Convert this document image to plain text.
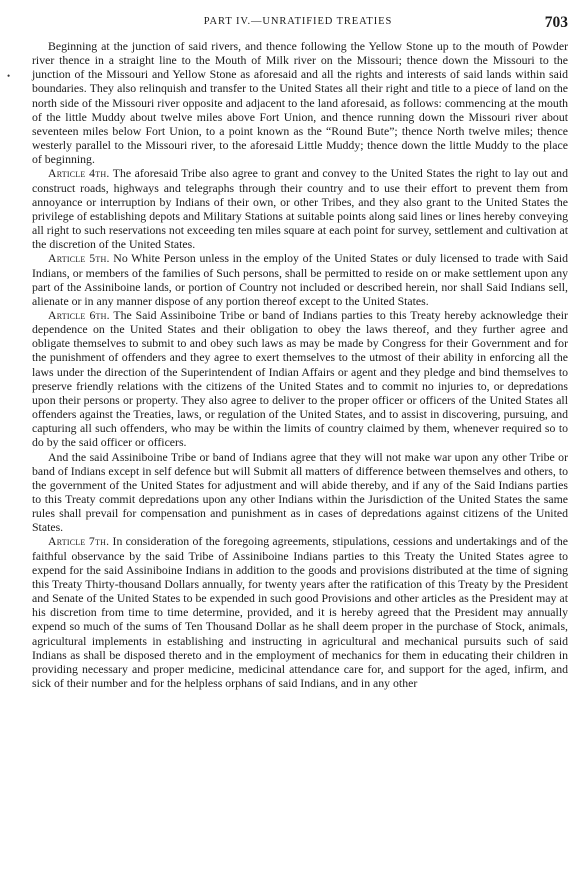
PART IV.—UNRATIFIED TREATIES	703
•

Beginning at the junction of said rivers, and thence following the Yellow Stone up to the mouth of Powder river thence in a straight line to the Mouth of Milk river on the Missouri; thence down the Missouri to the junction of the Missouri and Yellow Stone as aforesaid and all the rights and interests of said lands within said boundaries. They also relinquish and transfer to the United States all their right and title to a piece of land on the north side of the Missouri river opposite and adjacent to the land aforesaid, as follows: commencing at the mouth of the little Muddy about twelve miles above Fort Union, and thence running down the Missouri river about seventeen miles below Fort Union, to a point known as the “Round Bute”; thence North twelve miles; thence westerly parallel to the Missouri river, to the aforesaid Little Muddy; thence down the little Muddy to the place of beginning.

Article 4th. The aforesaid Tribe also agree to grant and convey to the United States the right to lay out and construct roads, highways and telegraphs through their country and to use their effort to prevent them from annoyance or interruption by Indians of their own, or other Tribes, and they also grant to the United States the privilege of establishing depots and Military Stations at suitable points along said lines or lines hereby conveying all right to such reservations not exceeding ten miles square at each point for survey, settlement and cultivation at the discretion of the United States.

Article 5th. No White Person unless in the employ of the United States or duly licensed to trade with Said Indians, or members of the families of Such persons, shall be permitted to reside on or make settlement upon any part of the Assiniboine lands, or portion of Country not included or described herein, nor shall Said Indians sell, alienate or in any manner dispose of any portion thereof except to the United States.

Article 6th. The Said Assiniboine Tribe or band of Indians parties to this Treaty hereby acknowledge their dependence on the United States and their obligation to obey the laws thereof, and they further agree and obligate themselves to submit to and obey such laws as may be made by Congress for their Government and for the punishment of offenders and they agree to exert themselves to the utmost of their ability in enforcing all the laws under the direction of the Superintendent of Indian Affairs or agent and they pledge and bind themselves to preserve friendly relations with the citizens of the United States and to commit no injuries to, or depredations upon their persons or property. They also agree to deliver to the proper officer or officers of the United States all offenders against the Treaties, laws, or regulation of the United States, and to assist in discovering, pursuing, and capturing all such offenders, who may be within the limits of country claimed by them, whenever required so to do by the said officer or officers.

And the said Assiniboine Tribe or band of Indians agree that they will not make war upon any other Tribe or band of Indians except in self defence but will Submit all matters of difference between themselves and others, to the government of the United States for adjustment and will abide thereby, and if any of the Said Indians parties to this Treaty commit depredations upon any other Indians within the Jurisdiction of the United States the same rules shall prevail for compensation and punishment as in cases of depredations against citizens of the United States.

Article 7th. In consideration of the foregoing agreements, stipulations, cessions and undertakings and of the faithful observance by the said Tribe of Assiniboine Indians parties to this Treaty the United States agree to expend for the said Assiniboine Indians in addition to the goods and provisions distributed at the time of signing this Treaty Thirty-thousand Dollars annually, for twenty years after the ratification of this Treaty by the President and Senate of the United States to be expended in such good Provisions and other articles as the President may at his discretion from time to time determine, provided, and it is hereby agreed that the President may annually expend so much of the sums of Ten Thousand Dollar as he shall deem proper in the purchase of Stock, animals, agricultural implements in establishing and instructing in agricultural and mechanical pursuits such of said Indians as shall be disposed thereto and in the employment of mechanics for them in educating their children in providing necessary and proper medicine, medicinal attendance care for, and support for the aged, infirm, and sick of their number and for the helpless orphans of said Indians, and in any other
